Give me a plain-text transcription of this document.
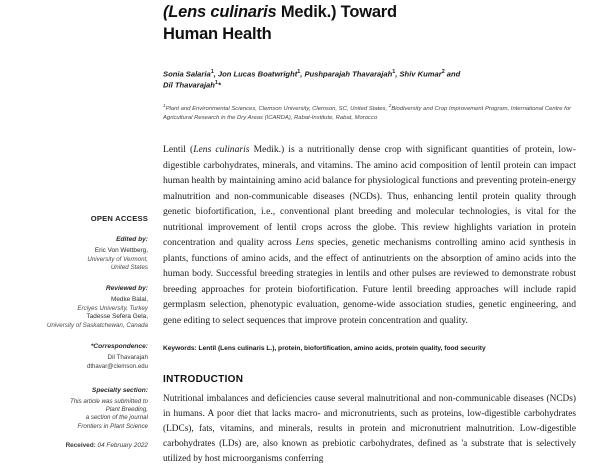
OPEN ACCESS
Edited by:
Eric Von Wettberg,
University of Vermont,
United States
Reviewed by:
Medke Balal,
Erciyes University, Turkey
Tadesse Sefera Gela,
University of Saskatchewan, Canada
*Correspondence:
Dil Thavarajah
dthavar@clemson.edu
Specialty section:
This article was submitted to
Plant Breeding,
a section of the journal
Frontiers in Plant Science
Received: 04 February 2022
(Lens culinaris Medik.) Toward
Human Health
Sonia Salaria$^1$, Jon Lucas Boatwright$^1$, Pushparajah Thavarajah$^1$, Shiv Kumar$^2$ and
Dil Thavarajah$^1$*
$^1$Plant and Environmental Sciences, Clemson University, Clemson, SC, United States, $^2$Biodiversity and Crop Improvement Program, International Centre for Agricultural Research in the Dry Areas (ICARDA), Rabat-Institute, Rabat, Morocco
Lentil (Lens culinaris Medik.) is a nutritionally dense crop with significant quantities of protein, low-digestible carbohydrates, minerals, and vitamins. The amino acid composition of lentil protein can impact human health by maintaining amino acid balance for physiological functions and preventing protein-energy malnutrition and non-communicable diseases (NCDs). Thus, enhancing lentil protein quality through genetic biofortification, i.e., conventional plant breeding and molecular technologies, is vital for the nutritional improvement of lentil crops across the globe. This review highlights variation in protein concentration and quality across Lens species, genetic mechanisms controlling amino acid synthesis in plants, functions of amino acids, and the effect of antinutrients on the absorption of amino acids into the human body. Successful breeding strategies in lentils and other pulses are reviewed to demonstrate robust breeding approaches for protein biofortification. Future lentil breeding approaches will include rapid germplasm selection, phenotypic evaluation, genome-wide association studies, genetic engineering, and gene editing to select sequences that improve protein concentration and quality.
Keywords: Lentil (Lens culinaris L.), protein, biofortification, amino acids, protein quality, food security
INTRODUCTION
Nutritional imbalances and deficiencies cause several malnutritional and non-communicable diseases (NCDs) in humans. A poor diet that lacks macro- and micronutrients, such as proteins, low-digestible carbohydrates (LDCs), fats, vitamins, and minerals, results in protein and micronutrient malnutrition. Low-digestible carbohydrates (LDs) are, also known as prebiotic carbohydrates, defined as 'a substrate that is selectively utilized by host microorganisms conferring
